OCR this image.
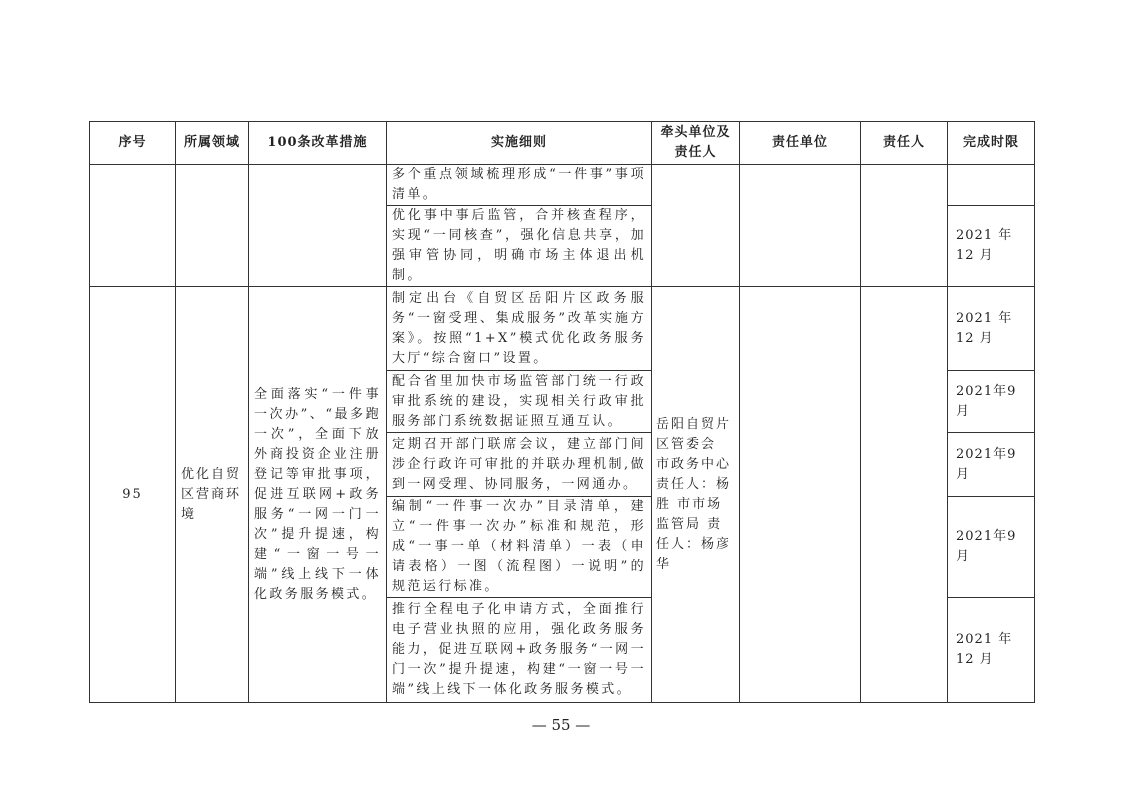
序号	所属领域	100条改革措施	实施细则	牵头单位及责任人	责任单位	责任人	完成时限
			多个重点领域梳理形成“一件事”事项清单。				
			优化事中事后监管，合并核查程序，实现“一同核查”，强化信息共享，加强审管协同，明确市场主体退出机制。				2021 年 12 月
95	优化自贸区营商环境	全面落实“一件事一次办”、“最多跑一次”，全面下放外商投资企业注册登记等审批事项，促进互联网+政务服务“一网一门一次”提升提速，构建“一窗一号一端”线上线下一体化政务服务模式。	制定出台《自贸区岳阳片区政务服务“一窗受理、集成服务”改革实施方案》。按照“1+X”模式优化政务服务大厅“综合窗口”设置。	岳阳自贸片区管委会 市政务中心 责任人：杨胜 市市场监管局 责任人：杨彦华			2021 年 12 月
			配合省里加快市场监管部门统一行政审批系统的建设，实现相关行政审批服务部门系统数据证照互通互认。				2021年9月
			定期召开部门联席会议，建立部门间涉企行政许可审批的并联办理机制,做到一网受理、协同服务，一网通办。				2021年9月
			编制“一件事一次办”目录清单，建立“一件事一次办”标准和规范，形成“一事一单（材料清单）一表（申请表格）一图（流程图）一说明”的规范运行标准。				2021年9月
			推行全程电子化申请方式，全面推行电子营业执照的应用，强化政务服务能力，促进互联网+政务服务“一网一门一次”提升提速，构建“一窗一号一端”线上线下一体化政务服务模式。				2021 年 12 月
— 55 —
